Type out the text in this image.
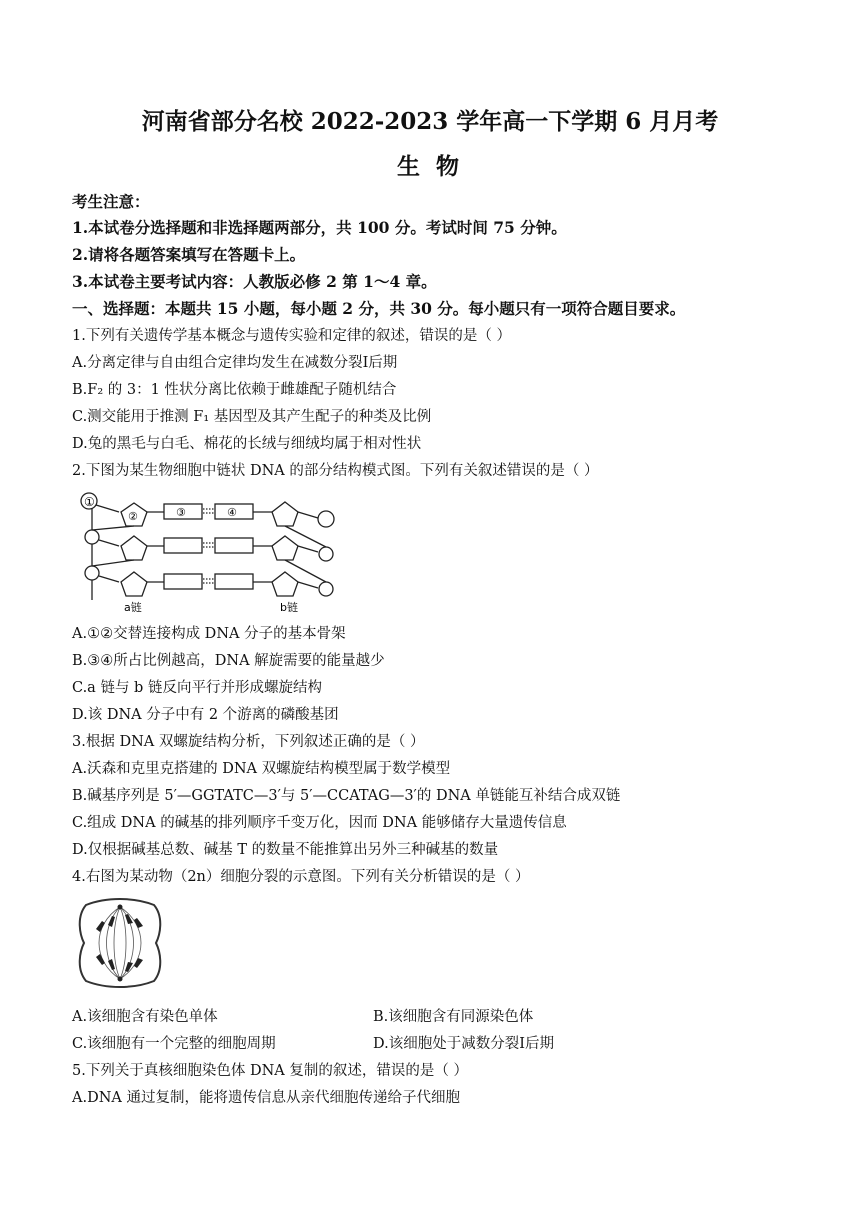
河南省部分名校 2022-2023 学年高一下学期 6 月月考
生 物
考生注意：
1.本试卷分选择题和非选择题两部分，共 100 分。考试时间 75 分钟。
2.请将各题答案填写在答题卡上。
3.本试卷主要考试内容：人教版必修 2 第 1～4 章。
一、选择题：本题共 15 小题，每小题 2 分，共 30 分。每小题只有一项符合题目要求。
1.下列有关遗传学基本概念与遗传实验和定律的叙述，错误的是（ ）
A.分离定律与自由组合定律均发生在减数分裂Ⅰ后期
B.F₂ 的 3：1 性状分离比依赖于雌雄配子随机结合
C.测交能用于推测 F₁ 基因型及其产生配子的种类及比例
D.兔的黑毛与白毛、棉花的长绒与细绒均属于相对性状
2.下图为某生物细胞中链状 DNA 的部分结构模式图。下列有关叙述错误的是（ ）
①
②	③	④
a链	b链
A.①②交替连接构成 DNA 分子的基本骨架
B.③④所占比例越高，DNA 解旋需要的能量越少
C.a 链与 b 链反向平行并形成螺旋结构
D.该 DNA 分子中有 2 个游离的磷酸基团
3.根据 DNA 双螺旋结构分析，下列叙述正确的是（ ）
A.沃森和克里克搭建的 DNA 双螺旋结构模型属于数学模型
B.碱基序列是 5′—GGTATC—3′与 5′—CCATAG—3′的 DNA 单链能互补结合成双链
C.组成 DNA 的碱基的排列顺序千变万化，因而 DNA 能够储存大量遗传信息
D.仅根据碱基总数、碱基 T 的数量不能推算出另外三种碱基的数量
4.右图为某动物（2n）细胞分裂的示意图。下列有关分析错误的是（ ）
A.该细胞含有染色单体	B.该细胞含有同源染色体
C.该细胞有一个完整的细胞周期	D.该细胞处于减数分裂Ⅰ后期
5.下列关于真核细胞染色体 DNA 复制的叙述，错误的是（ ）
A.DNA 通过复制，能将遗传信息从亲代细胞传递给子代细胞
